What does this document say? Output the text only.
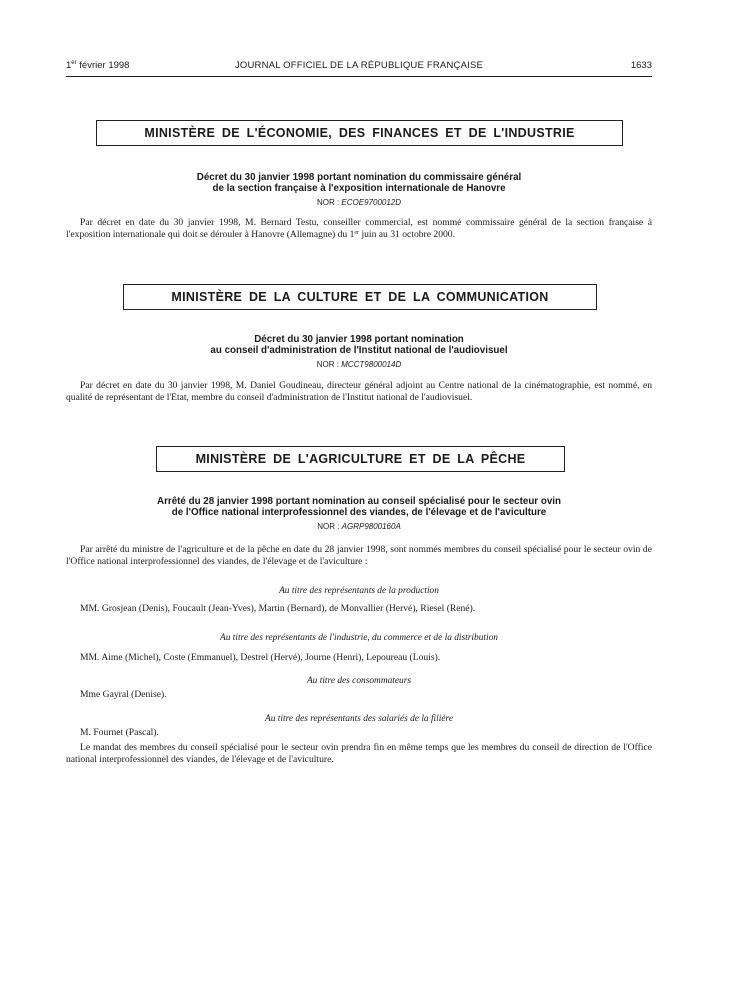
1er février 1998	JOURNAL OFFICIEL DE LA RÉPUBLIQUE FRANÇAISE	1633
MINISTÈRE DE L'ÉCONOMIE, DES FINANCES ET DE L'INDUSTRIE
Décret du 30 janvier 1998 portant nomination du commissaire général
de la section française à l'exposition internationale de Hanovre
NOR : ECOE9700012D

Par décret en date du 30 janvier 1998, M. Bernard Testu, conseiller commercial, est nommé commissaire général de la section française à l'exposition internationale qui doit se dérouler à Hanovre (Allemagne) du 1er juin au 31 octobre 2000.

MINISTÈRE DE LA CULTURE ET DE LA COMMUNICATION
Décret du 30 janvier 1998 portant nomination
au conseil d'administration de l'Institut national de l'audiovisuel
NOR : MCCT9800014D

Par décret en date du 30 janvier 1998, M. Daniel Goudineau, directeur général adjoint au Centre national de la cinématographie, est nommé, en qualité de représentant de l'Etat, membre du conseil d'administration de l'Institut national de l'audiovisuel.

MINISTÈRE DE L'AGRICULTURE ET DE LA PÊCHE
Arrêté du 28 janvier 1998 portant nomination au conseil spécialisé pour le secteur ovin
de l'Office national interprofessionnel des viandes, de l'élevage et de l'aviculture
NOR : AGRP9800160A

Par arrêté du ministre de l'agriculture et de la pêche en date du 28 janvier 1998, sont nommés membres du conseil spécialisé pour le secteur ovin de l'Office national interprofessionnel des viandes, de l'élevage et de l'aviculture :

Au titre des représentants de la production
MM. Grosjean (Denis), Foucault (Jean-Yves), Martin (Bernard), de Monvallier (Hervé), Riesel (René).
Au titre des représentants de l'industrie, du commerce et de la distribution
MM. Aime (Michel), Coste (Emmanuel), Destrel (Hervé), Journe (Henri), Lepoureau (Louis).
Au titre des consommateurs
Mme Gayral (Denise).
Au titre des représentants des salariés de la filière
M. Fournet (Pascal).

Le mandat des membres du conseil spécialisé pour le secteur ovin prendra fin en même temps que les membres du conseil de direction de l'Office national interprofessionnel des viandes, de l'élevage et de l'aviculture.
